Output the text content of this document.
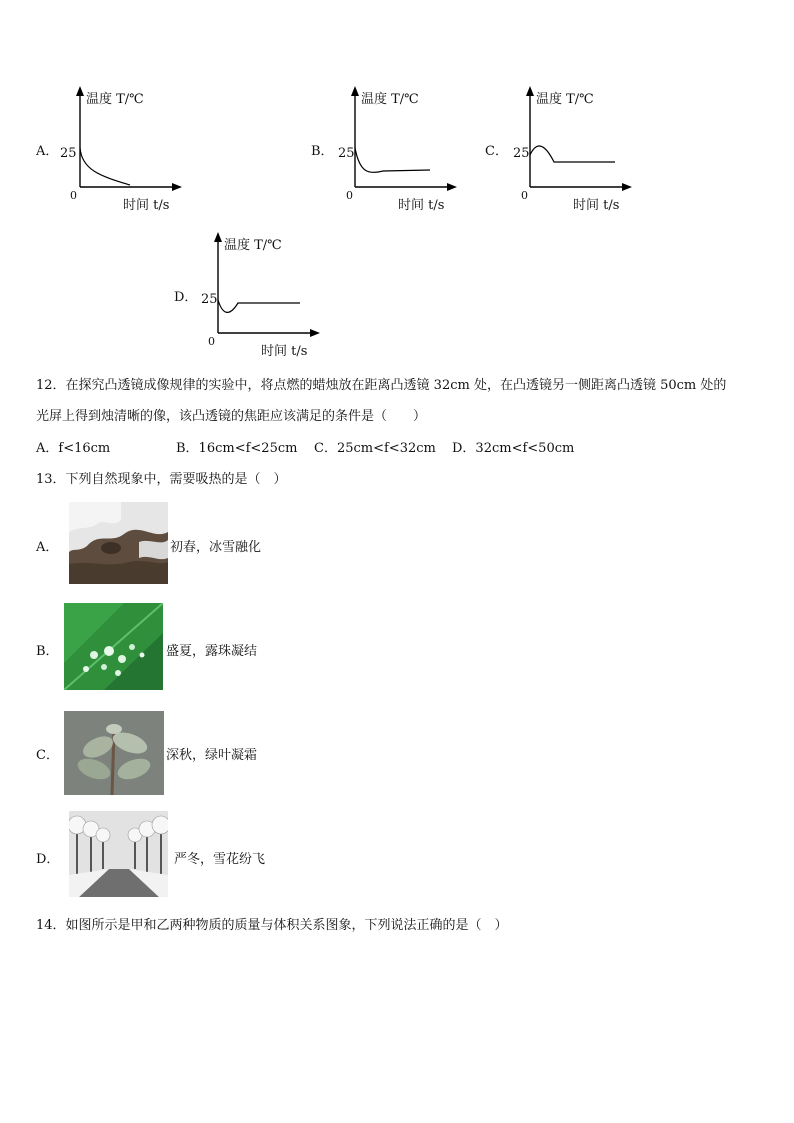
A．
温度 T/℃
25
0
时间 t/s
B．
温度 T/℃
25
0
时间 t/s
C．
温度 T/℃
25
0
时间 t/s
D．
温度 T/℃
25
0
时间 t/s
12．在探究凸透镜成像规律的实验中，将点燃的蜡烛放在距离凸透镜 32cm 处，在凸透镜另一侧距离凸透镜 50cm 处的
光屏上得到烛清晰的像，该凸透镜的焦距应该满足的条件是（　　）
A．f<16cm	B．16cm<f<25cm C．25cm<f<32cm D．32cm<f<50cm
13．下列自然现象中，需要吸热的是（　）
A．	初春，冰雪融化
B．	盛夏，露珠凝结
C．	深秋，绿叶凝霜
D．	严冬，雪花纷飞
14．如图所示是甲和乙两种物质的质量与体积关系图象，下列说法正确的是（　）
